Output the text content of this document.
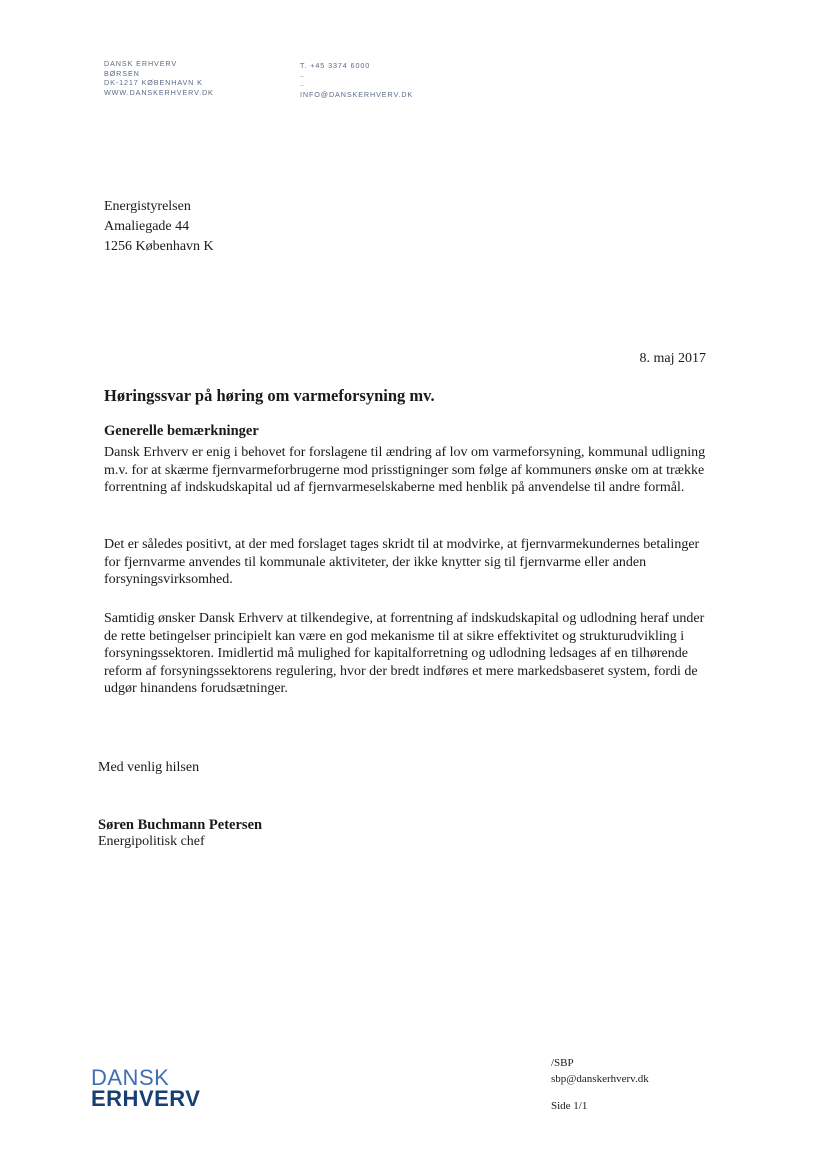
DANSK ERHVERV
BØRSEN
DK-1217 KØBENHAVN K
WWW.DANSKERHVERV.DK
T. +45 3374 6000
–
–
INFO@DANSKERHVERV.DK
Energistyrelsen
Amaliegade 44
1256 København K
8. maj 2017
Høringssvar på høring om varmeforsyning mv.
Generelle bemærkninger

Dansk Erhverv er enig i behovet for forslagene til ændring af lov om varmeforsyning, kommunal udligning m.v. for at skærme fjernvarmeforbrugerne mod prisstigninger som følge af kommuners ønske om at trække forrentning af indskudskapital ud af fjernvarmeselskaberne med henblik på anvendelse til andre formål.

Det er således positivt, at der med forslaget tages skridt til at modvirke, at fjernvarmekundernes betalinger for fjernvarme anvendes til kommunale aktiviteter, der ikke knytter sig til fjernvarme eller anden forsyningsvirksomhed.

Samtidig ønsker Dansk Erhverv at tilkendegive, at forrentning af indskudskapital og udlodning heraf under de rette betingelser principielt kan være en god mekanisme til at sikre effektivitet og strukturudvikling i forsyningssektoren. Imidlertid må mulighed for kapitalforretning og udlodning ledsages af en tilhørende reform af forsyningssektorens regulering, hvor der bredt indføres et mere markedsbaseret system, fordi de udgør hinandens forudsætninger.

Med venlig hilsen
Søren Buchmann Petersen
Energipolitisk chef
DANSK
ERHVERV
/SBP
sbp@danskerhverv.dk
Side 1/1
